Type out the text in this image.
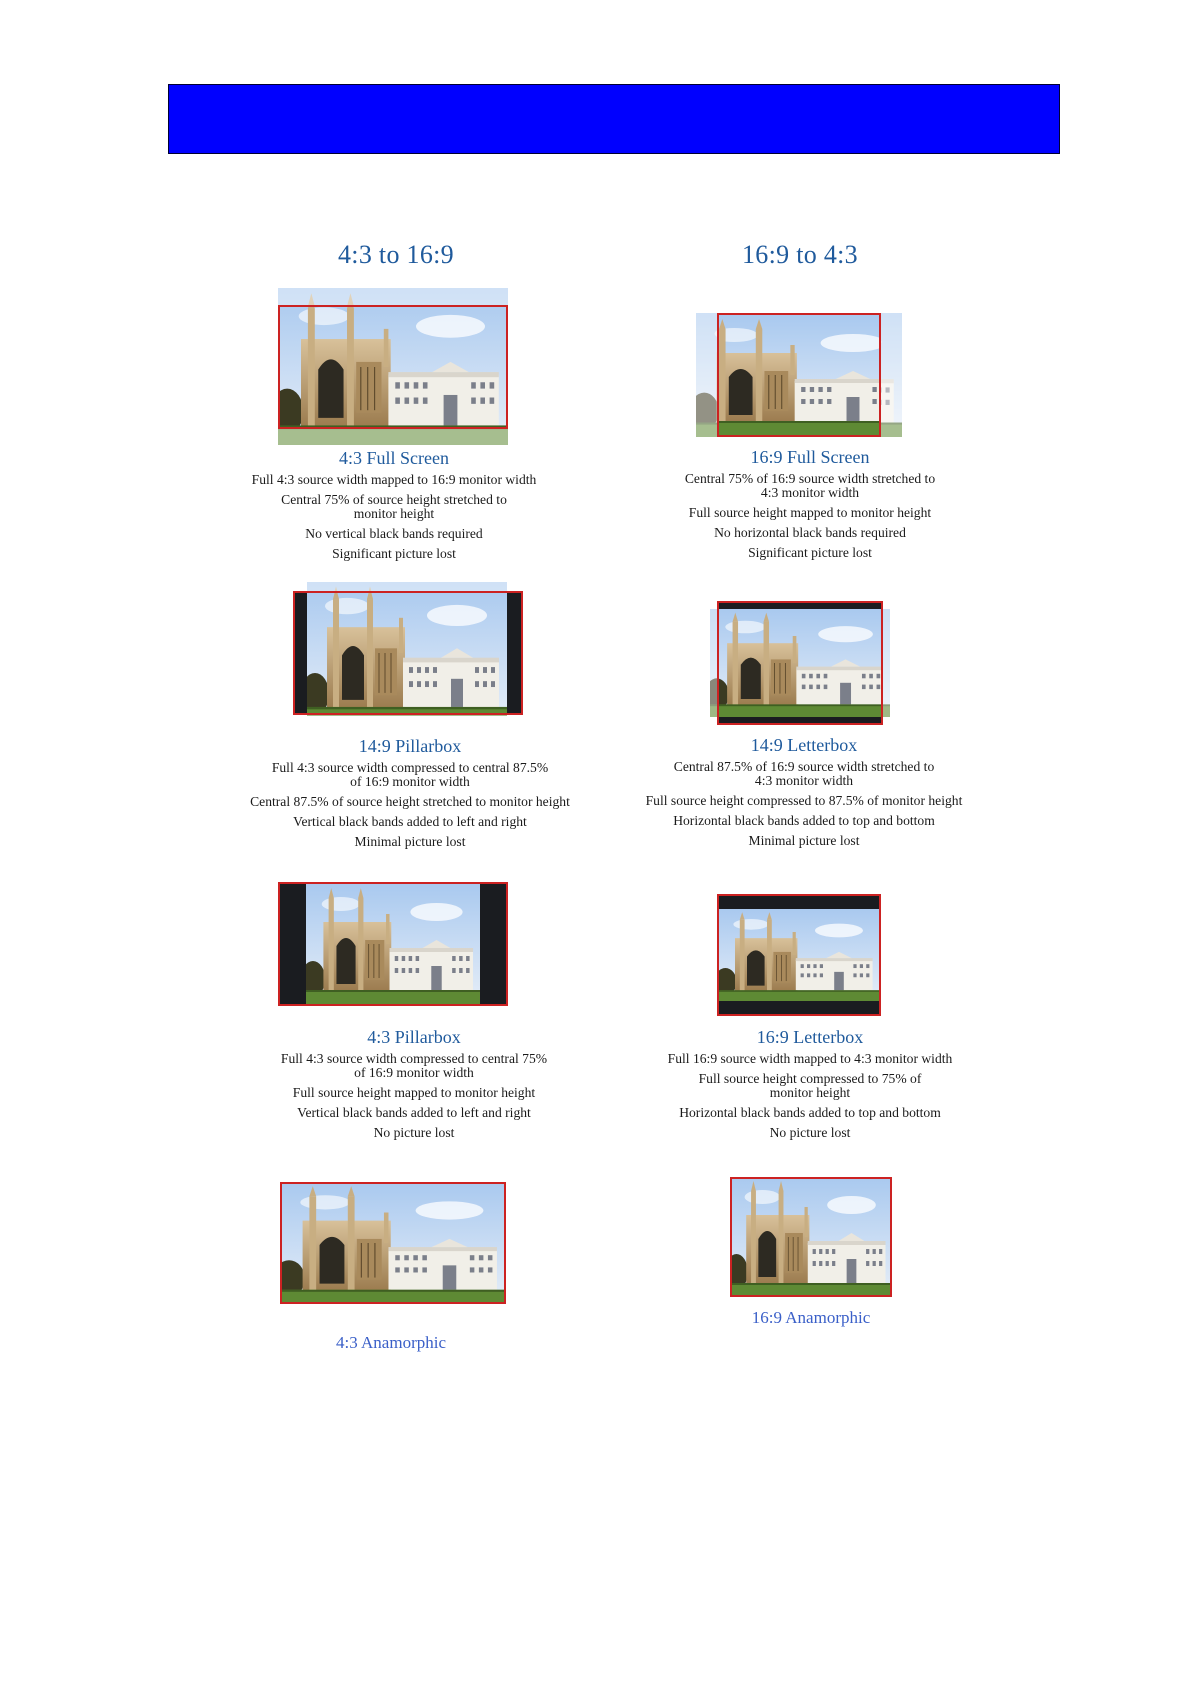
4:3 to 16:9	16:9 to 4:3
4:3 Full Screen
Full 4:3 source width mapped to 16:9 monitor width
Central 75% of source height stretched to
monitor height
No vertical black bands required
Significant picture lost
14:9 Pillarbox
Full 4:3 source width compressed to central 87.5%
of 16:9 monitor width
Central 87.5% of source height stretched to monitor height
Vertical black bands added to left and right
Minimal picture lost
4:3 Pillarbox
Full 4:3 source width compressed to central 75%
of 16:9 monitor width
Full source height mapped to monitor height
Vertical black bands added to left and right
No picture lost
4:3 Anamorphic
16:9 Full Screen
Central 75% of 16:9 source width stretched to
4:3 monitor width
Full source height mapped to monitor height
No horizontal black bands required
Significant picture lost
14:9 Letterbox
Central 87.5% of 16:9 source width stretched to
4:3 monitor width
Full source height compressed to 87.5% of monitor height
Horizontal black bands added to top and bottom
Minimal picture lost
16:9 Letterbox
Full 16:9 source width mapped to 4:3 monitor width
Full source height compressed to 75% of
monitor height
Horizontal black bands added to top and bottom
No picture lost
16:9 Anamorphic
